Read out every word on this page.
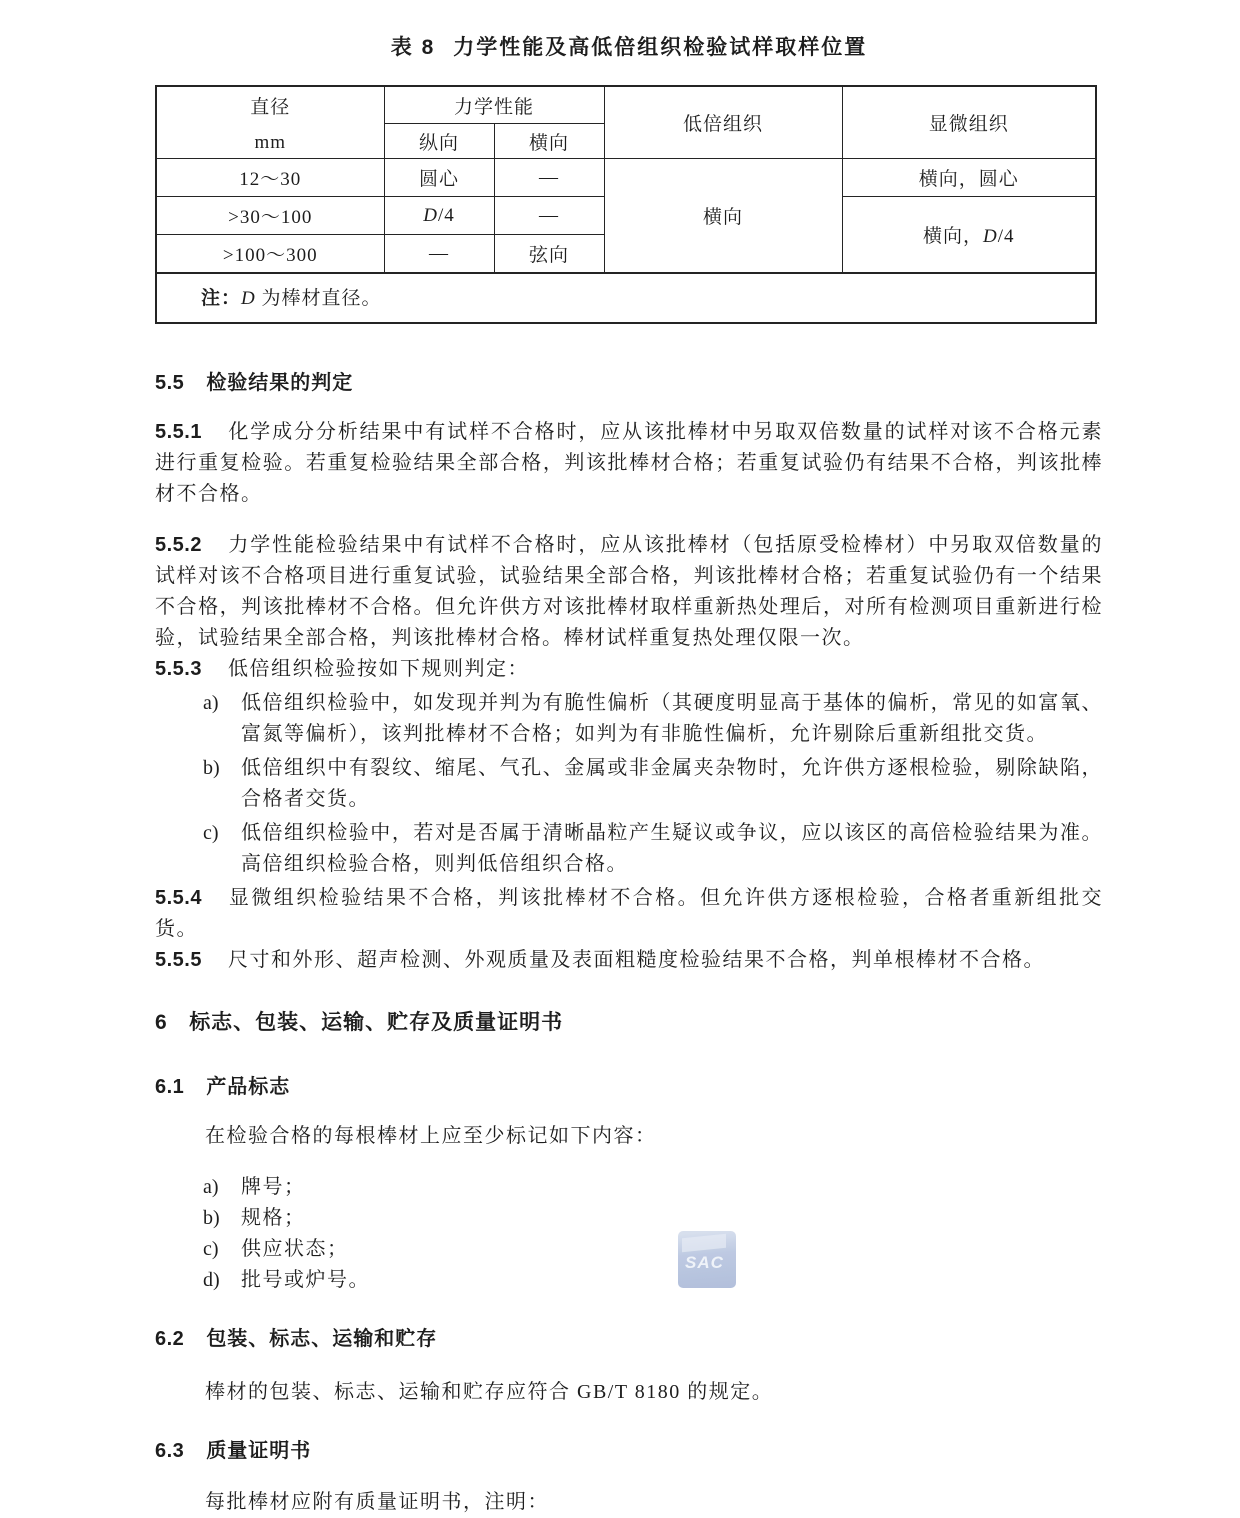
SAC
表 8 力学性能及高低倍组织检验试样取样位置
直径
mm	力学性能		低倍组织	显微组织
	纵向	横向		
12～30	圆心	—	横向	横向，圆心
>30～100	D/4	—		横向，D/4
>100～300	—	弦向		
注：D 为棒材直径。				
5.5 检验结果的判定

5.5.1 化学成分分析结果中有试样不合格时，应从该批棒材中另取双倍数量的试样对该不合格元素进行重复检验。若重复检验结果全部合格，判该批棒材合格；若重复试验仍有结果不合格，判该批棒材不合格。

5.5.2 力学性能检验结果中有试样不合格时，应从该批棒材（包括原受检棒材）中另取双倍数量的试样对该不合格项目进行重复试验，试验结果全部合格，判该批棒材合格；若重复试验仍有一个结果不合格，判该批棒材不合格。但允许供方对该批棒材取样重新热处理后，对所有检测项目重新进行检验，试验结果全部合格，判该批棒材合格。棒材试样重复热处理仅限一次。

5.5.3 低倍组织检验按如下规则判定：

a)	低倍组织检验中，如发现并判为有脆性偏析（其硬度明显高于基体的偏析，常见的如富氧、富氮等偏析），该判批棒材不合格；如判为有非脆性偏析，允许剔除后重新组批交货。
b)	低倍组织中有裂纹、缩尾、气孔、金属或非金属夹杂物时，允许供方逐根检验，剔除缺陷，合格者交货。
c)	低倍组织检验中，若对是否属于清晰晶粒产生疑议或争议，应以该区的高倍检验结果为准。高倍组织检验合格，则判低倍组织合格。

5.5.4 显微组织检验结果不合格，判该批棒材不合格。但允许供方逐根检验，合格者重新组批交货。

5.5.5 尺寸和外形、超声检测、外观质量及表面粗糙度检验结果不合格，判单根棒材不合格。

6 标志、包装、运输、贮存及质量证明书
6.1 产品标志

在检验合格的每根棒材上应至少标记如下内容：

a)	牌号；
b)	规格；
c)	供应状态；
d)	批号或炉号。
6.2 包装、标志、运输和贮存

棒材的包装、标志、运输和贮存应符合 GB/T 8180 的规定。

6.3 质量证明书

每批棒材应附有质量证明书，注明：
